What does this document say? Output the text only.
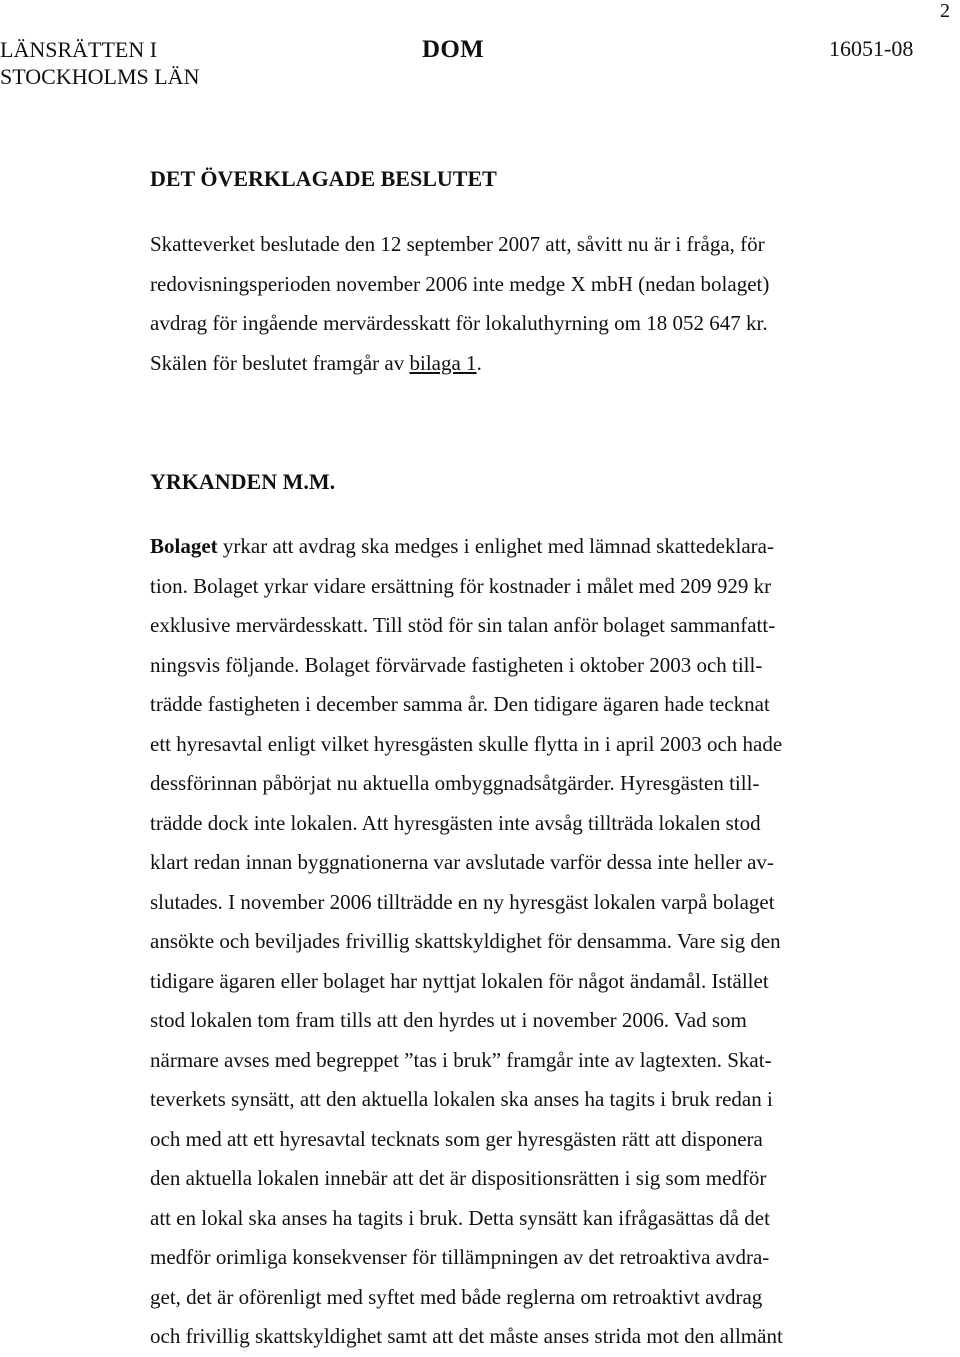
2
LÄNSRÄTTEN I
STOCKHOLMS LÄN
DOM	16051-08
DET ÖVERKLAGADE BESLUTET
Skatteverket beslutade den 12 september 2007 att, såvitt nu är i fråga, för
redovisningsperioden november 2006 inte medge X mbH (nedan bolaget)
avdrag för ingående mervärdesskatt för lokaluthyrning om 18 052 647 kr.
Skälen för beslutet framgår av bilaga 1.
YRKANDEN M.M.
Bolaget yrkar att avdrag ska medges i enlighet med lämnad skattedeklara-
tion. Bolaget yrkar vidare ersättning för kostnader i målet med 209 929 kr
exklusive mervärdesskatt. Till stöd för sin talan anför bolaget sammanfatt-
ningsvis följande. Bolaget förvärvade fastigheten i oktober 2003 och till-
trädde fastigheten i december samma år. Den tidigare ägaren hade tecknat
ett hyresavtal enligt vilket hyresgästen skulle flytta in i april 2003 och hade
dessförinnan påbörjat nu aktuella ombyggnadsåtgärder. Hyresgästen till-
trädde dock inte lokalen. Att hyresgästen inte avsåg tillträda lokalen stod
klart redan innan byggnationerna var avslutade varför dessa inte heller av-
slutades. I november 2006 tillträdde en ny hyresgäst lokalen varpå bolaget
ansökte och beviljades frivillig skattskyldighet för densamma. Vare sig den
tidigare ägaren eller bolaget har nyttjat lokalen för något ändamål. Istället
stod lokalen tom fram tills att den hyrdes ut i november 2006. Vad som
närmare avses med begreppet ”tas i bruk” framgår inte av lagtexten. Skat-
teverkets synsätt, att den aktuella lokalen ska anses ha tagits i bruk redan i
och med att ett hyresavtal tecknats som ger hyresgästen rätt att disponera
den aktuella lokalen innebär att det är dispositionsrätten i sig som medför
att en lokal ska anses ha tagits i bruk. Detta synsätt kan ifrågasättas då det
medför orimliga konsekvenser för tillämpningen av det retroaktiva avdra-
get, det är oförenligt med syftet med både reglerna om retroaktivt avdrag
och frivillig skattskyldighet samt att det måste anses strida mot den allmänt
